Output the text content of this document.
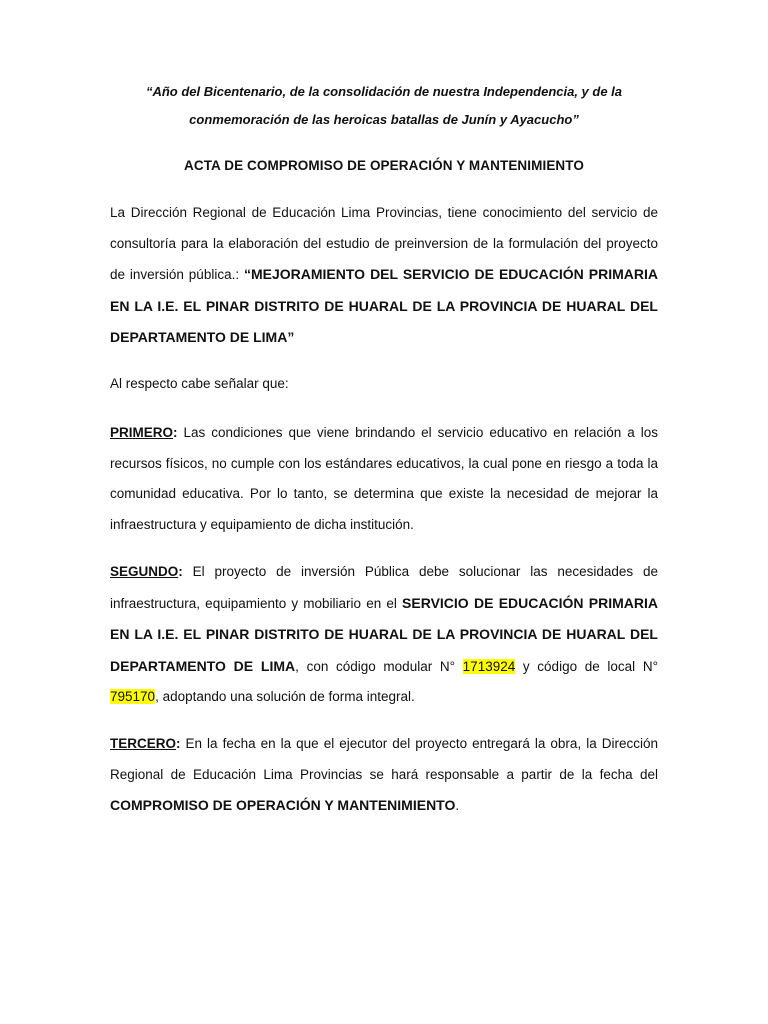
“Año del Bicentenario, de la consolidación de nuestra Independencia, y de la
conmemoración de las heroicas batallas de Junín y Ayacucho”
ACTA DE COMPROMISO DE OPERACIÓN Y MANTENIMIENTO

La Dirección Regional de Educación Lima Provincias, tiene conocimiento del servicio de consultoría para la elaboración del estudio de preinversion de la formulación del proyecto de inversión pública.: “MEJORAMIENTO DEL SERVICIO DE EDUCACIÓN PRIMARIA EN LA I.E. EL PINAR DISTRITO DE HUARAL DE LA PROVINCIA DE HUARAL DEL DEPARTAMENTO DE LIMA”

Al respecto cabe señalar que:

PRIMERO: Las condiciones que viene brindando el servicio educativo en relación a los recursos físicos, no cumple con los estándares educativos, la cual pone en riesgo a toda la comunidad educativa. Por lo tanto, se determina que existe la necesidad de mejorar la infraestructura y equipamiento de dicha institución.

SEGUNDO: El proyecto de inversión Pública debe solucionar las necesidades de infraestructura, equipamiento y mobiliario en el SERVICIO DE EDUCACIÓN PRIMARIA EN LA I.E. EL PINAR DISTRITO DE HUARAL DE LA PROVINCIA DE HUARAL DEL DEPARTAMENTO DE LIMA, con código modular N° 1713924 y código de local N° 795170, adoptando una solución de forma integral.

TERCERO: En la fecha en la que el ejecutor del proyecto entregará la obra, la Dirección Regional de Educación Lima Provincias se hará responsable a partir de la fecha del COMPROMISO DE OPERACIÓN Y MANTENIMIENTO.
